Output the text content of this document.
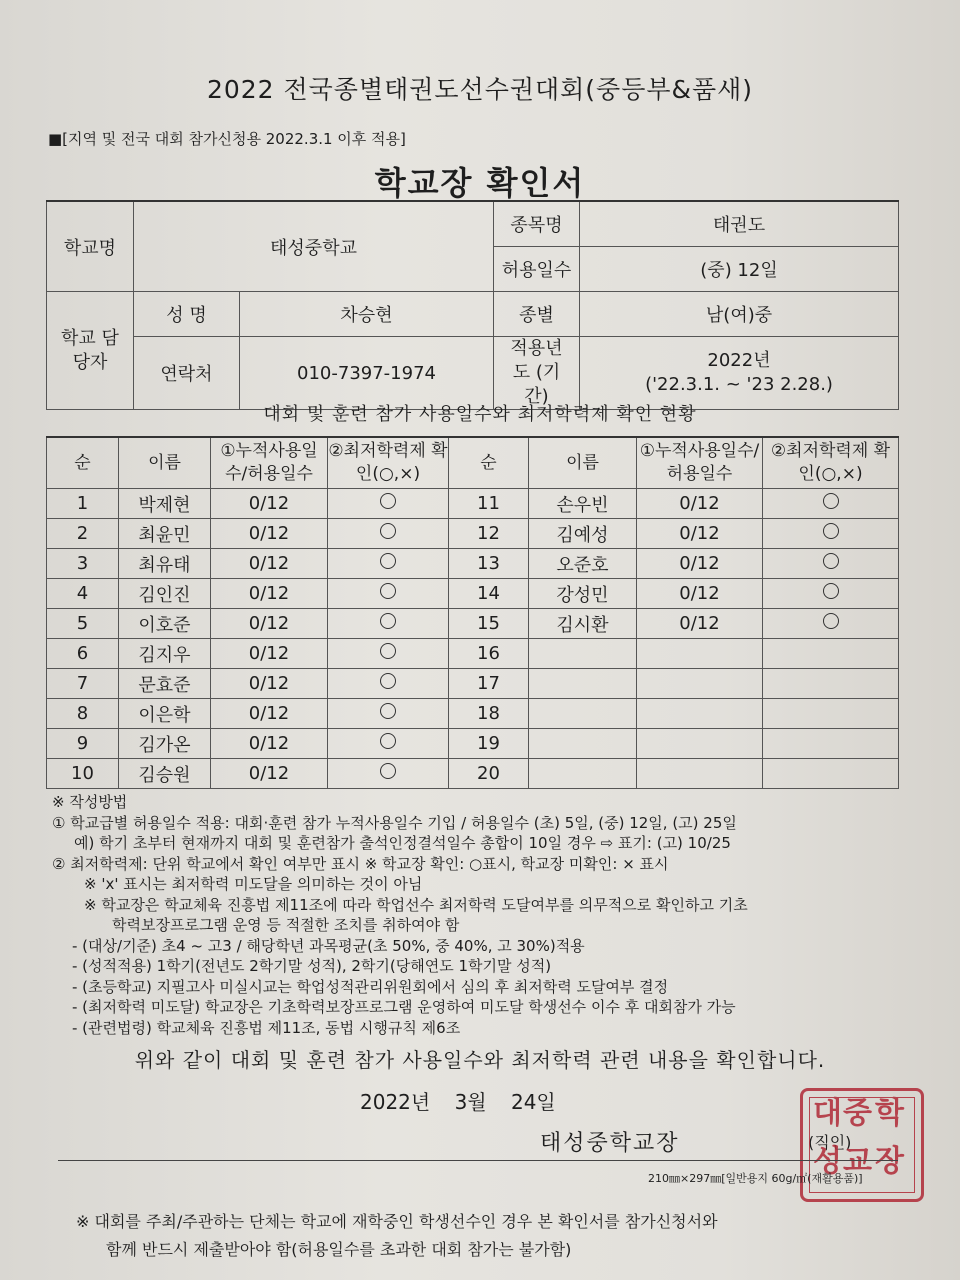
2022 전국종별태권도선수권대회(중등부&품새)
■[지역 및 전국 대회 참가신청용 2022.3.1 이후 적용]
학교장 확인서
학교명	태성중학교		종목명	태권도
			허용일수	(중) 12일
학교 담당자	성 명	차승현	종별	남(여)중
	연락처	010-7397-1974	적용년도 (기간)	2022년
('22.3.1. ~ '23 2.28.)
대회 및 훈련 참가 사용일수와 최저학력제 확인 현황
순	이름	①누적사용일수/허용일수	②최저학력제 확인(○,×)	순	이름	①누적사용일수/허용일수	②최저학력제 확인(○,×)
1	박제현	0/12		11	손우빈	0/12	
2	최윤민	0/12		12	김예성	0/12	
3	최유태	0/12		13	오준호	0/12	
4	김인진	0/12		14	강성민	0/12	
5	이호준	0/12		15	김시환	0/12	
6	김지우	0/12		16			
7	문효준	0/12		17			
8	이은학	0/12		18			
9	김가온	0/12		19			
10	김승원	0/12		20			
※ 작성방법
① 학교급별 허용일수 적용: 대회·훈련 참가 누적사용일수 기입 / 허용일수 (초) 5일, (중) 12일, (고) 25일
예) 학기 초부터 현재까지 대회 및 훈련참가 출석인정결석일수 총합이 10일 경우 ⇨ 표기: (고) 10/25
② 최저학력제: 단위 학교에서 확인 여부만 표시 ※ 학교장 확인: ○표시, 학교장 미확인: × 표시
※ 'x' 표시는 최저학력 미도달을 의미하는 것이 아님
※ 학교장은 학교체육 진흥법 제11조에 따라 학업선수 최저학력 도달여부를 의무적으로 확인하고 기초
학력보장프로그램 운영 등 적절한 조치를 취하여야 함
- (대상/기준) 초4 ~ 고3 / 해당학년 과목평균(초 50%, 중 40%, 고 30%)적용
- (성적적용) 1학기(전년도 2학기말 성적), 2학기(당해연도 1학기말 성적)
- (초등학교) 지필고사 미실시교는 학업성적관리위원회에서 심의 후 최저학력 도달여부 결정
- (최저학력 미도달) 학교장은 기초학력보장프로그램 운영하여 미도달 학생선수 이수 후 대회참가 가능
- (관련법령) 학교체육 진흥법 제11조, 동법 시행규칙 제6조
위와 같이 대회 및 훈련 참가 사용일수와 최저학력 관련 내용을 확인합니다.
2022년 3월 24일
태성중학교장	(직인)
대 중 학
성 교 장
210㎜×297㎜[일반용지 60g/㎡(재활용품)]
※ 대회를 주최/주관하는 단체는 학교에 재학중인 학생선수인 경우 본 확인서를 참가신청서와
함께 반드시 제출받아야 함(허용일수를 초과한 대회 참가는 불가함)
